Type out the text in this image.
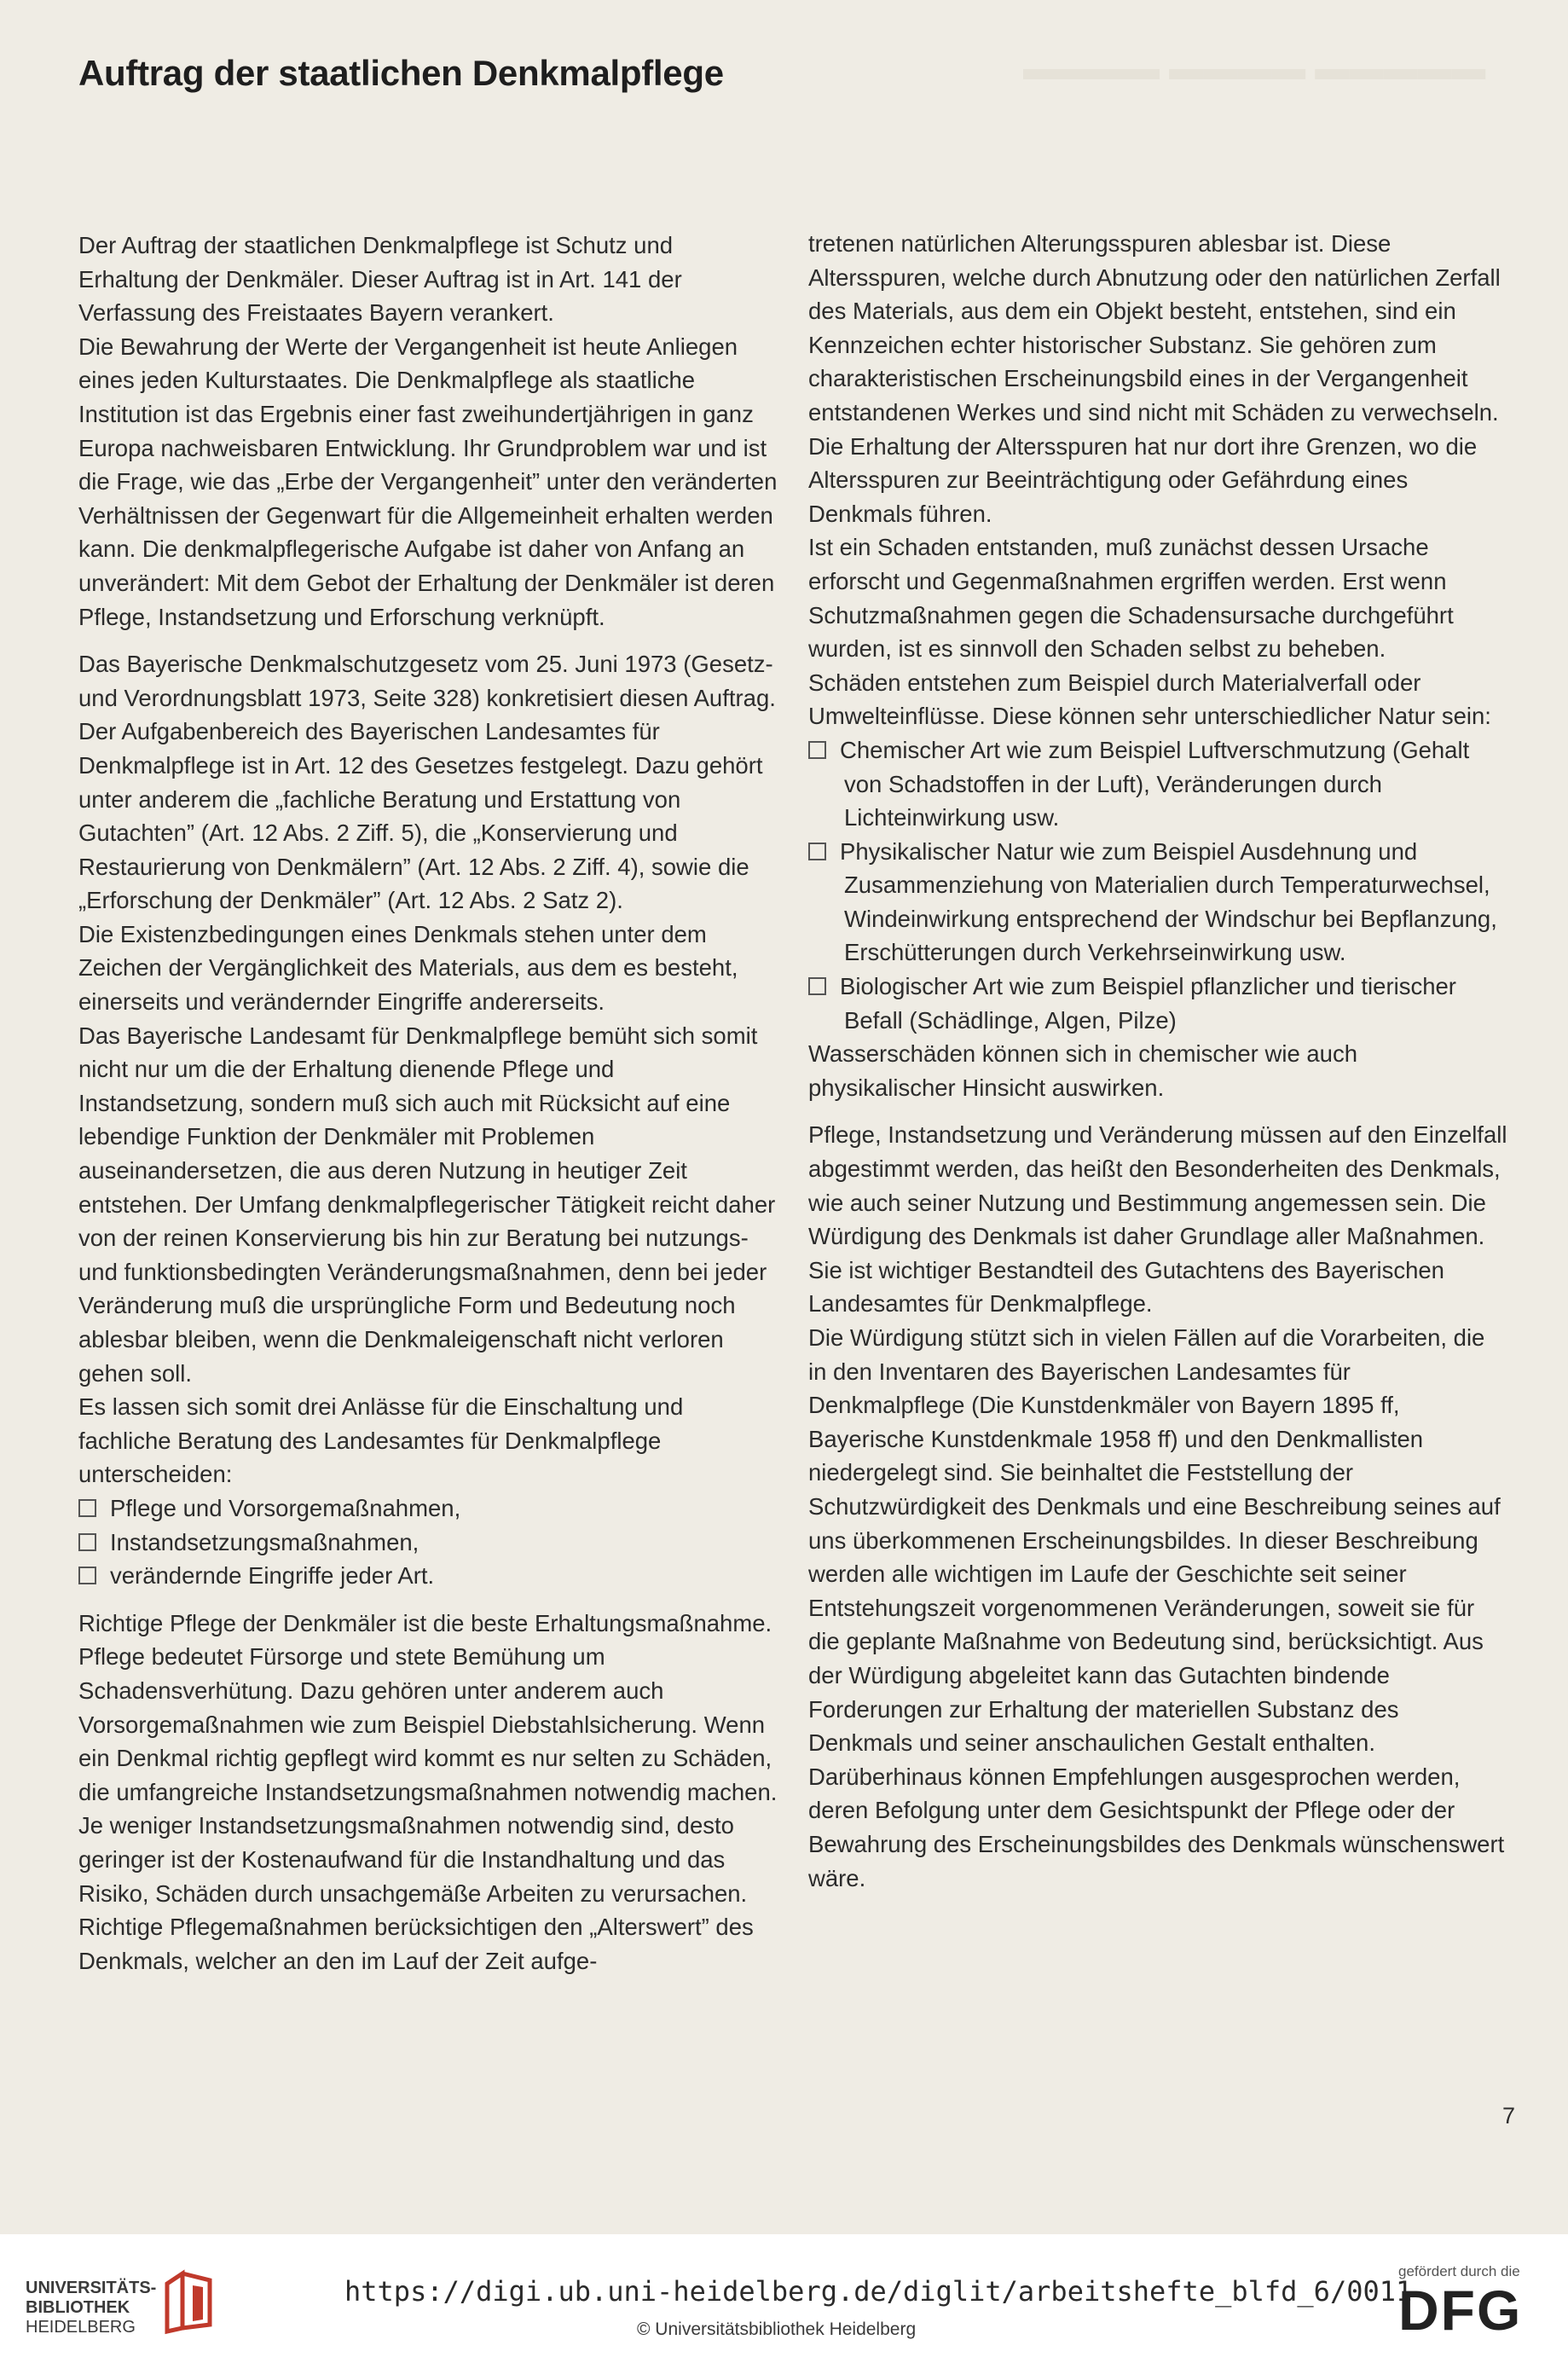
▬▬▬▬ ▬▬▬▬ ▬▬▬▬▬
Auftrag der staatlichen Denkmalpflege

Der Auftrag der staatlichen Denkmalpflege ist Schutz und Erhaltung der Denkmäler. Dieser Auftrag ist in Art. 141 der Verfassung des Freistaates Bayern verankert.

Die Bewahrung der Werte der Vergangenheit ist heute Anliegen eines jeden Kulturstaates. Die Denkmalpflege als staatliche Institution ist das Ergebnis einer fast zweihundertjährigen in ganz Europa nachweisbaren Entwicklung. Ihr Grundproblem war und ist die Frage, wie das „Erbe der Vergangenheit” unter den veränderten Verhältnissen der Gegenwart für die Allgemeinheit erhalten werden kann. Die denkmalpflegerische Aufgabe ist daher von Anfang an unverändert: Mit dem Gebot der Erhaltung der Denkmäler ist deren Pflege, Instandsetzung und Erforschung verknüpft.

Das Bayerische Denkmalschutzgesetz vom 25. Juni 1973 (Gesetz- und Verordnungsblatt 1973, Seite 328) konkretisiert diesen Auftrag. Der Aufgabenbereich des Bayerischen Landesamtes für Denkmalpflege ist in Art. 12 des Gesetzes festgelegt. Dazu gehört unter anderem die „fachliche Beratung und Erstattung von Gutachten” (Art. 12 Abs. 2 Ziff. 5), die „Konservierung und Restaurierung von Denkmälern” (Art. 12 Abs. 2 Ziff. 4), sowie die „Erforschung der Denkmäler” (Art. 12 Abs. 2 Satz 2).

Die Existenzbedingungen eines Denkmals stehen unter dem Zeichen der Vergänglichkeit des Materials, aus dem es besteht, einerseits und verändernder Eingriffe andererseits.

Das Bayerische Landesamt für Denkmalpflege bemüht sich somit nicht nur um die der Erhaltung dienende Pflege und Instandsetzung, sondern muß sich auch mit Rücksicht auf eine lebendige Funktion der Denkmäler mit Problemen auseinandersetzen, die aus deren Nutzung in heutiger Zeit entstehen. Der Umfang denkmalpflegerischer Tätigkeit reicht daher von der reinen Konservierung bis hin zur Beratung bei nutzungs- und funktionsbedingten Veränderungsmaßnahmen, denn bei jeder Veränderung muß die ursprüngliche Form und Bedeutung noch ablesbar bleiben, wenn die Denkmaleigenschaft nicht verloren gehen soll.

Es lassen sich somit drei Anlässe für die Einschaltung und fachliche Beratung des Landesamtes für Denkmalpflege unterscheiden:

Pflege und Vorsorgemaßnahmen,
Instandsetzungsmaßnahmen,
verändernde Eingriffe jeder Art.

Richtige Pflege der Denkmäler ist die beste Erhaltungsmaßnahme.

Pflege bedeutet Fürsorge und stete Bemühung um Schadensverhütung. Dazu gehören unter anderem auch Vorsorgemaßnahmen wie zum Beispiel Diebstahlsicherung. Wenn ein Denkmal richtig gepflegt wird kommt es nur selten zu Schäden, die umfangreiche Instandsetzungsmaßnahmen notwendig machen. Je weniger Instandsetzungsmaßnahmen notwendig sind, desto geringer ist der Kostenaufwand für die Instandhaltung und das Risiko, Schäden durch unsachgemäße Arbeiten zu verursachen.

Richtige Pflegemaßnahmen berücksichtigen den „Alterswert” des Denkmals, welcher an den im Lauf der Zeit aufge-

tretenen natürlichen Alterungsspuren ablesbar ist. Diese Altersspuren, welche durch Abnutzung oder den natürlichen Zerfall des Materials, aus dem ein Objekt besteht, entstehen, sind ein Kennzeichen echter historischer Substanz. Sie gehören zum charakteristischen Erscheinungsbild eines in der Vergangenheit entstandenen Werkes und sind nicht mit Schäden zu verwechseln. Die Erhaltung der Altersspuren hat nur dort ihre Grenzen, wo die Altersspuren zur Beeinträchtigung oder Gefährdung eines Denkmals führen.

Ist ein Schaden entstanden, muß zunächst dessen Ursache erforscht und Gegenmaßnahmen ergriffen werden. Erst wenn Schutzmaßnahmen gegen die Schadensursache durchgeführt wurden, ist es sinnvoll den Schaden selbst zu beheben.

Schäden entstehen zum Beispiel durch Materialverfall oder Umwelteinflüsse. Diese können sehr unterschiedlicher Natur sein:

Chemischer Art wie zum Beispiel Luftverschmutzung (Gehalt von Schadstoffen in der Luft), Veränderungen durch Lichteinwirkung usw.
Physikalischer Natur wie zum Beispiel Ausdehnung und Zusammenziehung von Materialien durch Temperaturwechsel, Windeinwirkung entsprechend der Windschur bei Bepflanzung, Erschütterungen durch Verkehrseinwirkung usw.
Biologischer Art wie zum Beispiel pflanzlicher und tierischer Befall (Schädlinge, Algen, Pilze)

Wasserschäden können sich in chemischer wie auch physikalischer Hinsicht auswirken.

Pflege, Instandsetzung und Veränderung müssen auf den Einzelfall abgestimmt werden, das heißt den Besonderheiten des Denkmals, wie auch seiner Nutzung und Bestimmung angemessen sein. Die Würdigung des Denkmals ist daher Grundlage aller Maßnahmen. Sie ist wichtiger Bestandteil des Gutachtens des Bayerischen Landesamtes für Denkmalpflege.

Die Würdigung stützt sich in vielen Fällen auf die Vorarbeiten, die in den Inventaren des Bayerischen Landesamtes für Denkmalpflege (Die Kunstdenkmäler von Bayern 1895 ff, Bayerische Kunstdenkmale 1958 ff) und den Denkmallisten niedergelegt sind. Sie beinhaltet die Feststellung der Schutzwürdigkeit des Denkmals und eine Beschreibung seines auf uns überkommenen Erscheinungsbildes. In dieser Beschreibung werden alle wichtigen im Laufe der Geschichte seit seiner Entstehungszeit vorgenommenen Veränderungen, soweit sie für die geplante Maßnahme von Bedeutung sind, berücksichtigt. Aus der Würdigung abgeleitet kann das Gutachten bindende Forderungen zur Erhaltung der materiellen Substanz des Denkmals und seiner anschaulichen Gestalt enthalten. Darüberhinaus können Empfehlungen ausgesprochen werden, deren Befolgung unter dem Gesichtspunkt der Pflege oder der Bewahrung des Erscheinungsbildes des Denkmals wünschenswert wäre.

7
UNIVERSITÄTS-
BIBLIOTHEK
HEIDELBERG
https://digi.ub.uni-heidelberg.de/diglit/arbeitshefte_blfd_6/0011
© Universitätsbibliothek Heidelberg
gefördert durch die
DFG
